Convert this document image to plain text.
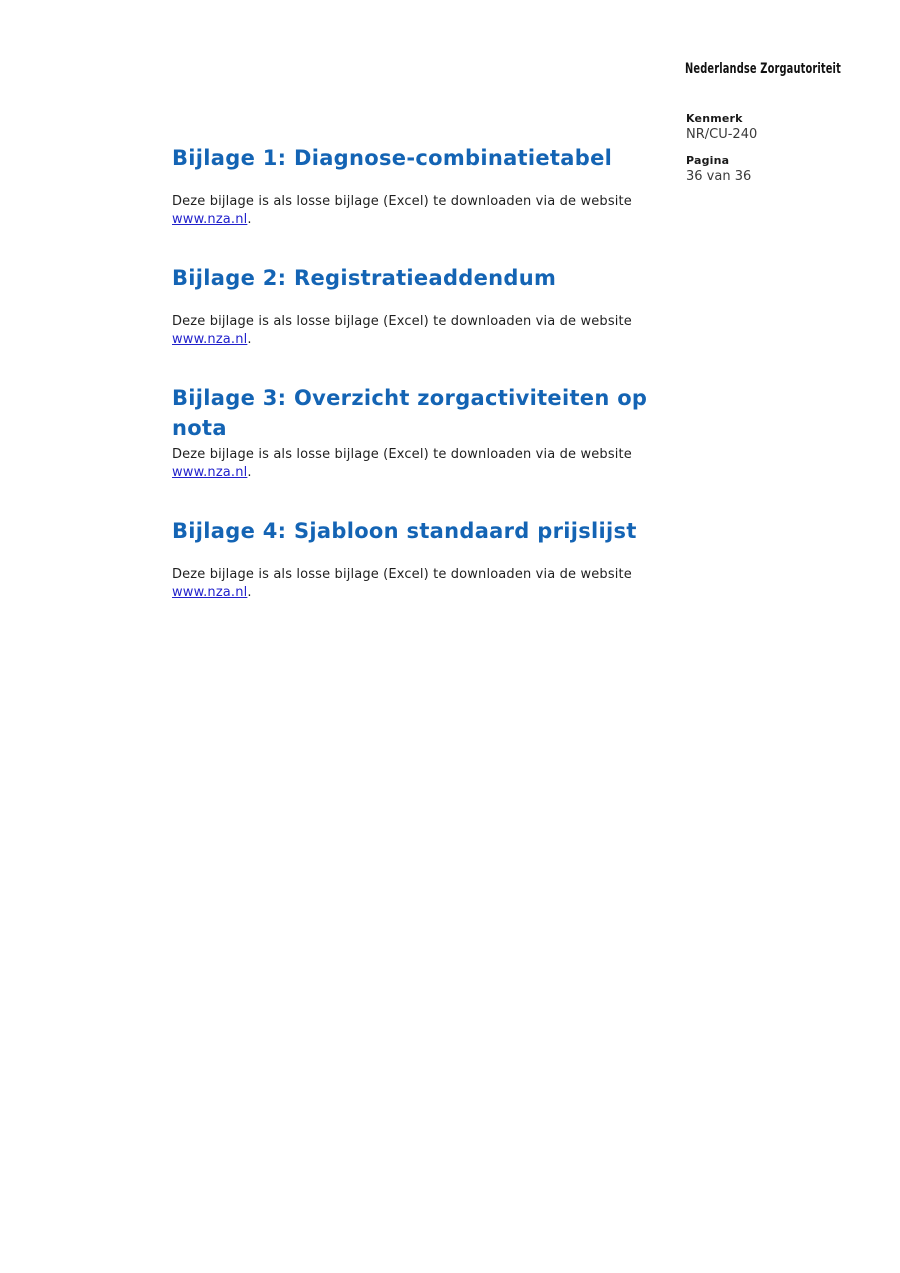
Nederlandse Zorgautoriteit
Kenmerk
NR/CU-240
Pagina
36 van 36
Bijlage 1: Diagnose-combinatietabel

Deze bijlage is als losse bijlage (Excel) te downloaden via de website
www.nza.nl.

Bijlage 2: Registratieaddendum

Deze bijlage is als losse bijlage (Excel) te downloaden via de website
www.nza.nl.

Bijlage 3: Overzicht zorgactiviteiten op
nota

Deze bijlage is als losse bijlage (Excel) te downloaden via de website
www.nza.nl.

Bijlage 4: Sjabloon standaard prijslijst

Deze bijlage is als losse bijlage (Excel) te downloaden via de website
www.nza.nl.
